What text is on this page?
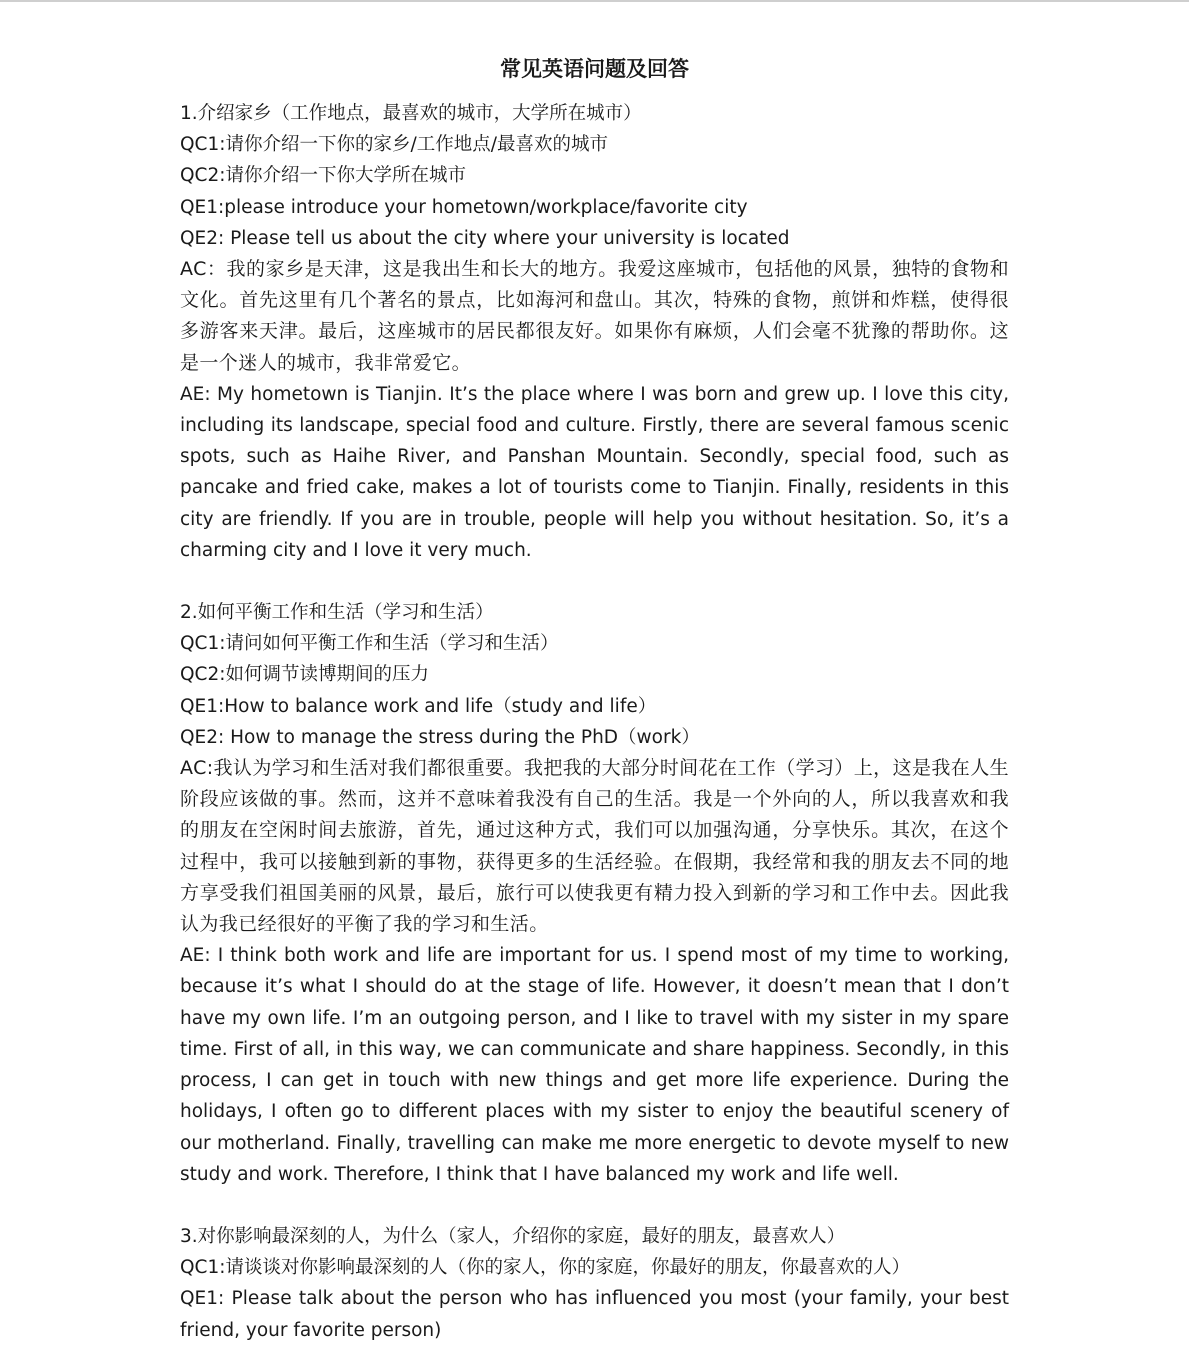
常见英语问题及回答
1.介绍家乡（工作地点，最喜欢的城市，大学所在城市）
QC1:请你介绍一下你的家乡/工作地点/最喜欢的城市
QC2:请你介绍一下你大学所在城市
QE1:please introduce your hometown/workplace/favorite city
QE2: Please tell us about the city where your university is located
AC：我的家乡是天津，这是我出生和长大的地方。我爱这座城市，包括他的风景，独特的食物和文化。首先这里有几个著名的景点，比如海河和盘山。其次，特殊的食物，煎饼和炸糕，使得很多游客来天津。最后，这座城市的居民都很友好。如果你有麻烦，人们会毫不犹豫的帮助你。这是一个迷人的城市，我非常爱它。
AE: My hometown is Tianjin. It’s the place where I was born and grew up. I love this city, including its landscape, special food and culture. Firstly, there are several famous scenic spots, such as Haihe River, and Panshan Mountain. Secondly, special food, such as pancake and fried cake, makes a lot of tourists come to Tianjin. Finally, residents in this city are friendly. If you are in trouble, people will help you without hesitation. So, it’s a charming city and I love it very much.
2.如何平衡工作和生活（学习和生活）
QC1:请问如何平衡工作和生活（学习和生活）
QC2:如何调节读博期间的压力
QE1:How to balance work and life（study and life）
QE2: How to manage the stress during the PhD（work）
AC:我认为学习和生活对我们都很重要。我把我的大部分时间花在工作（学习）上，这是我在人生阶段应该做的事。然而，这并不意味着我没有自己的生活。我是一个外向的人，所以我喜欢和我的朋友在空闲时间去旅游，首先，通过这种方式，我们可以加强沟通，分享快乐。其次，在这个过程中，我可以接触到新的事物，获得更多的生活经验。在假期，我经常和我的朋友去不同的地方享受我们祖国美丽的风景，最后，旅行可以使我更有精力投入到新的学习和工作中去。因此我认为我已经很好的平衡了我的学习和生活。
AE: I think both work and life are important for us. I spend most of my time to working, because it’s what I should do at the stage of life. However, it doesn’t mean that I don’t have my own life. I’m an outgoing person, and I like to travel with my sister in my spare time. First of all, in this way, we can communicate and share happiness. Secondly, in this process, I can get in touch with new things and get more life experience. During the holidays, I often go to different places with my sister to enjoy the beautiful scenery of our motherland. Finally, travelling can make me more energetic to devote myself to new study and work. Therefore, I think that I have balanced my work and life well.
3.对你影响最深刻的人，为什么（家人，介绍你的家庭，最好的朋友，最喜欢人）
QC1:请谈谈对你影响最深刻的人（你的家人，你的家庭，你最好的朋友，你最喜欢的人）
QE1: Please talk about the person who has influenced you most (your family, your best friend, your favorite person)
